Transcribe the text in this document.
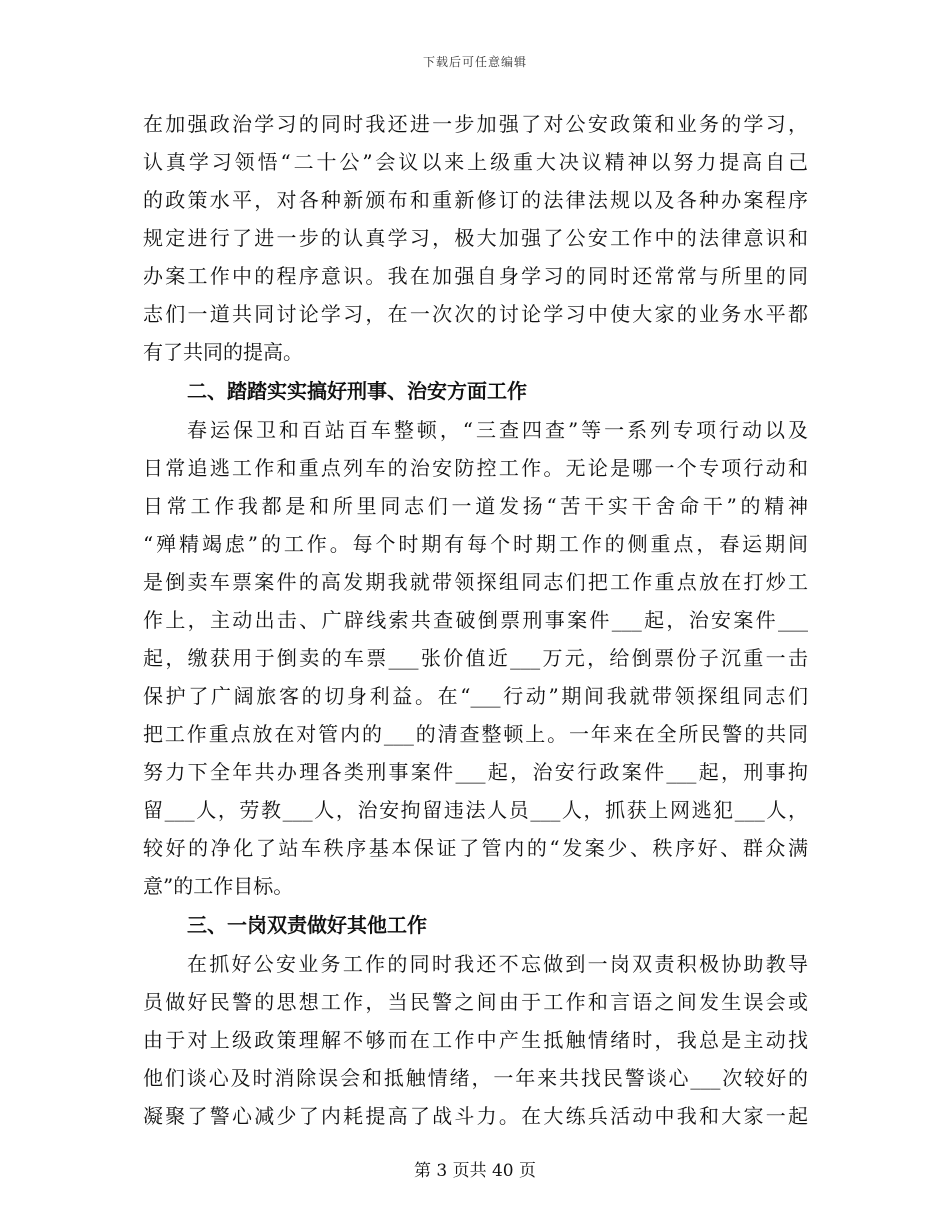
下载后可任意编辑
在加强政治学习的同时我还进一步加强了对公安政策和业务的学习，
认真学习领悟“二十公”会议以来上级重大决议精神以努力提高自己
的政策水平，对各种新颁布和重新修订的法律法规以及各种办案程序
规定进行了进一步的认真学习，极大加强了公安工作中的法律意识和
办案工作中的程序意识。我在加强自身学习的同时还常常与所里的同
志们一道共同讨论学习，在一次次的讨论学习中使大家的业务水平都
有了共同的提高。
二、踏踏实实搞好刑事、治安方面工作
春运保卫和百站百车整顿，“三查四查”等一系列专项行动以及
日常追逃工作和重点列车的治安防控工作。无论是哪一个专项行动和
日常工作我都是和所里同志们一道发扬“苦干实干舍命干”的精神
“殚精竭虑”的工作。每个时期有每个时期工作的侧重点，春运期间
是倒卖车票案件的高发期我就带领探组同志们把工作重点放在打炒工
作上，主动出击、广辟线索共查破倒票刑事案件___起，治安案件___
起，缴获用于倒卖的车票___张价值近___万元，给倒票份子沉重一击
保护了广阔旅客的切身利益。在“___行动”期间我就带领探组同志们
把工作重点放在对管内的___的清查整顿上。一年来在全所民警的共同
努力下全年共办理各类刑事案件___起，治安行政案件___起，刑事拘
留___人，劳教___人，治安拘留违法人员___人，抓获上网逃犯___人，
较好的净化了站车秩序基本保证了管内的“发案少、秩序好、群众满
意”的工作目标。
三、一岗双责做好其他工作
在抓好公安业务工作的同时我还不忘做到一岗双责积极协助教导
员做好民警的思想工作，当民警之间由于工作和言语之间发生误会或
由于对上级政策理解不够而在工作中产生抵触情绪时，我总是主动找
他们谈心及时消除误会和抵触情绪，一年来共找民警谈心___次较好的
凝聚了警心减少了内耗提高了战斗力。在大练兵活动中我和大家一起
第 3 页共 40 页
